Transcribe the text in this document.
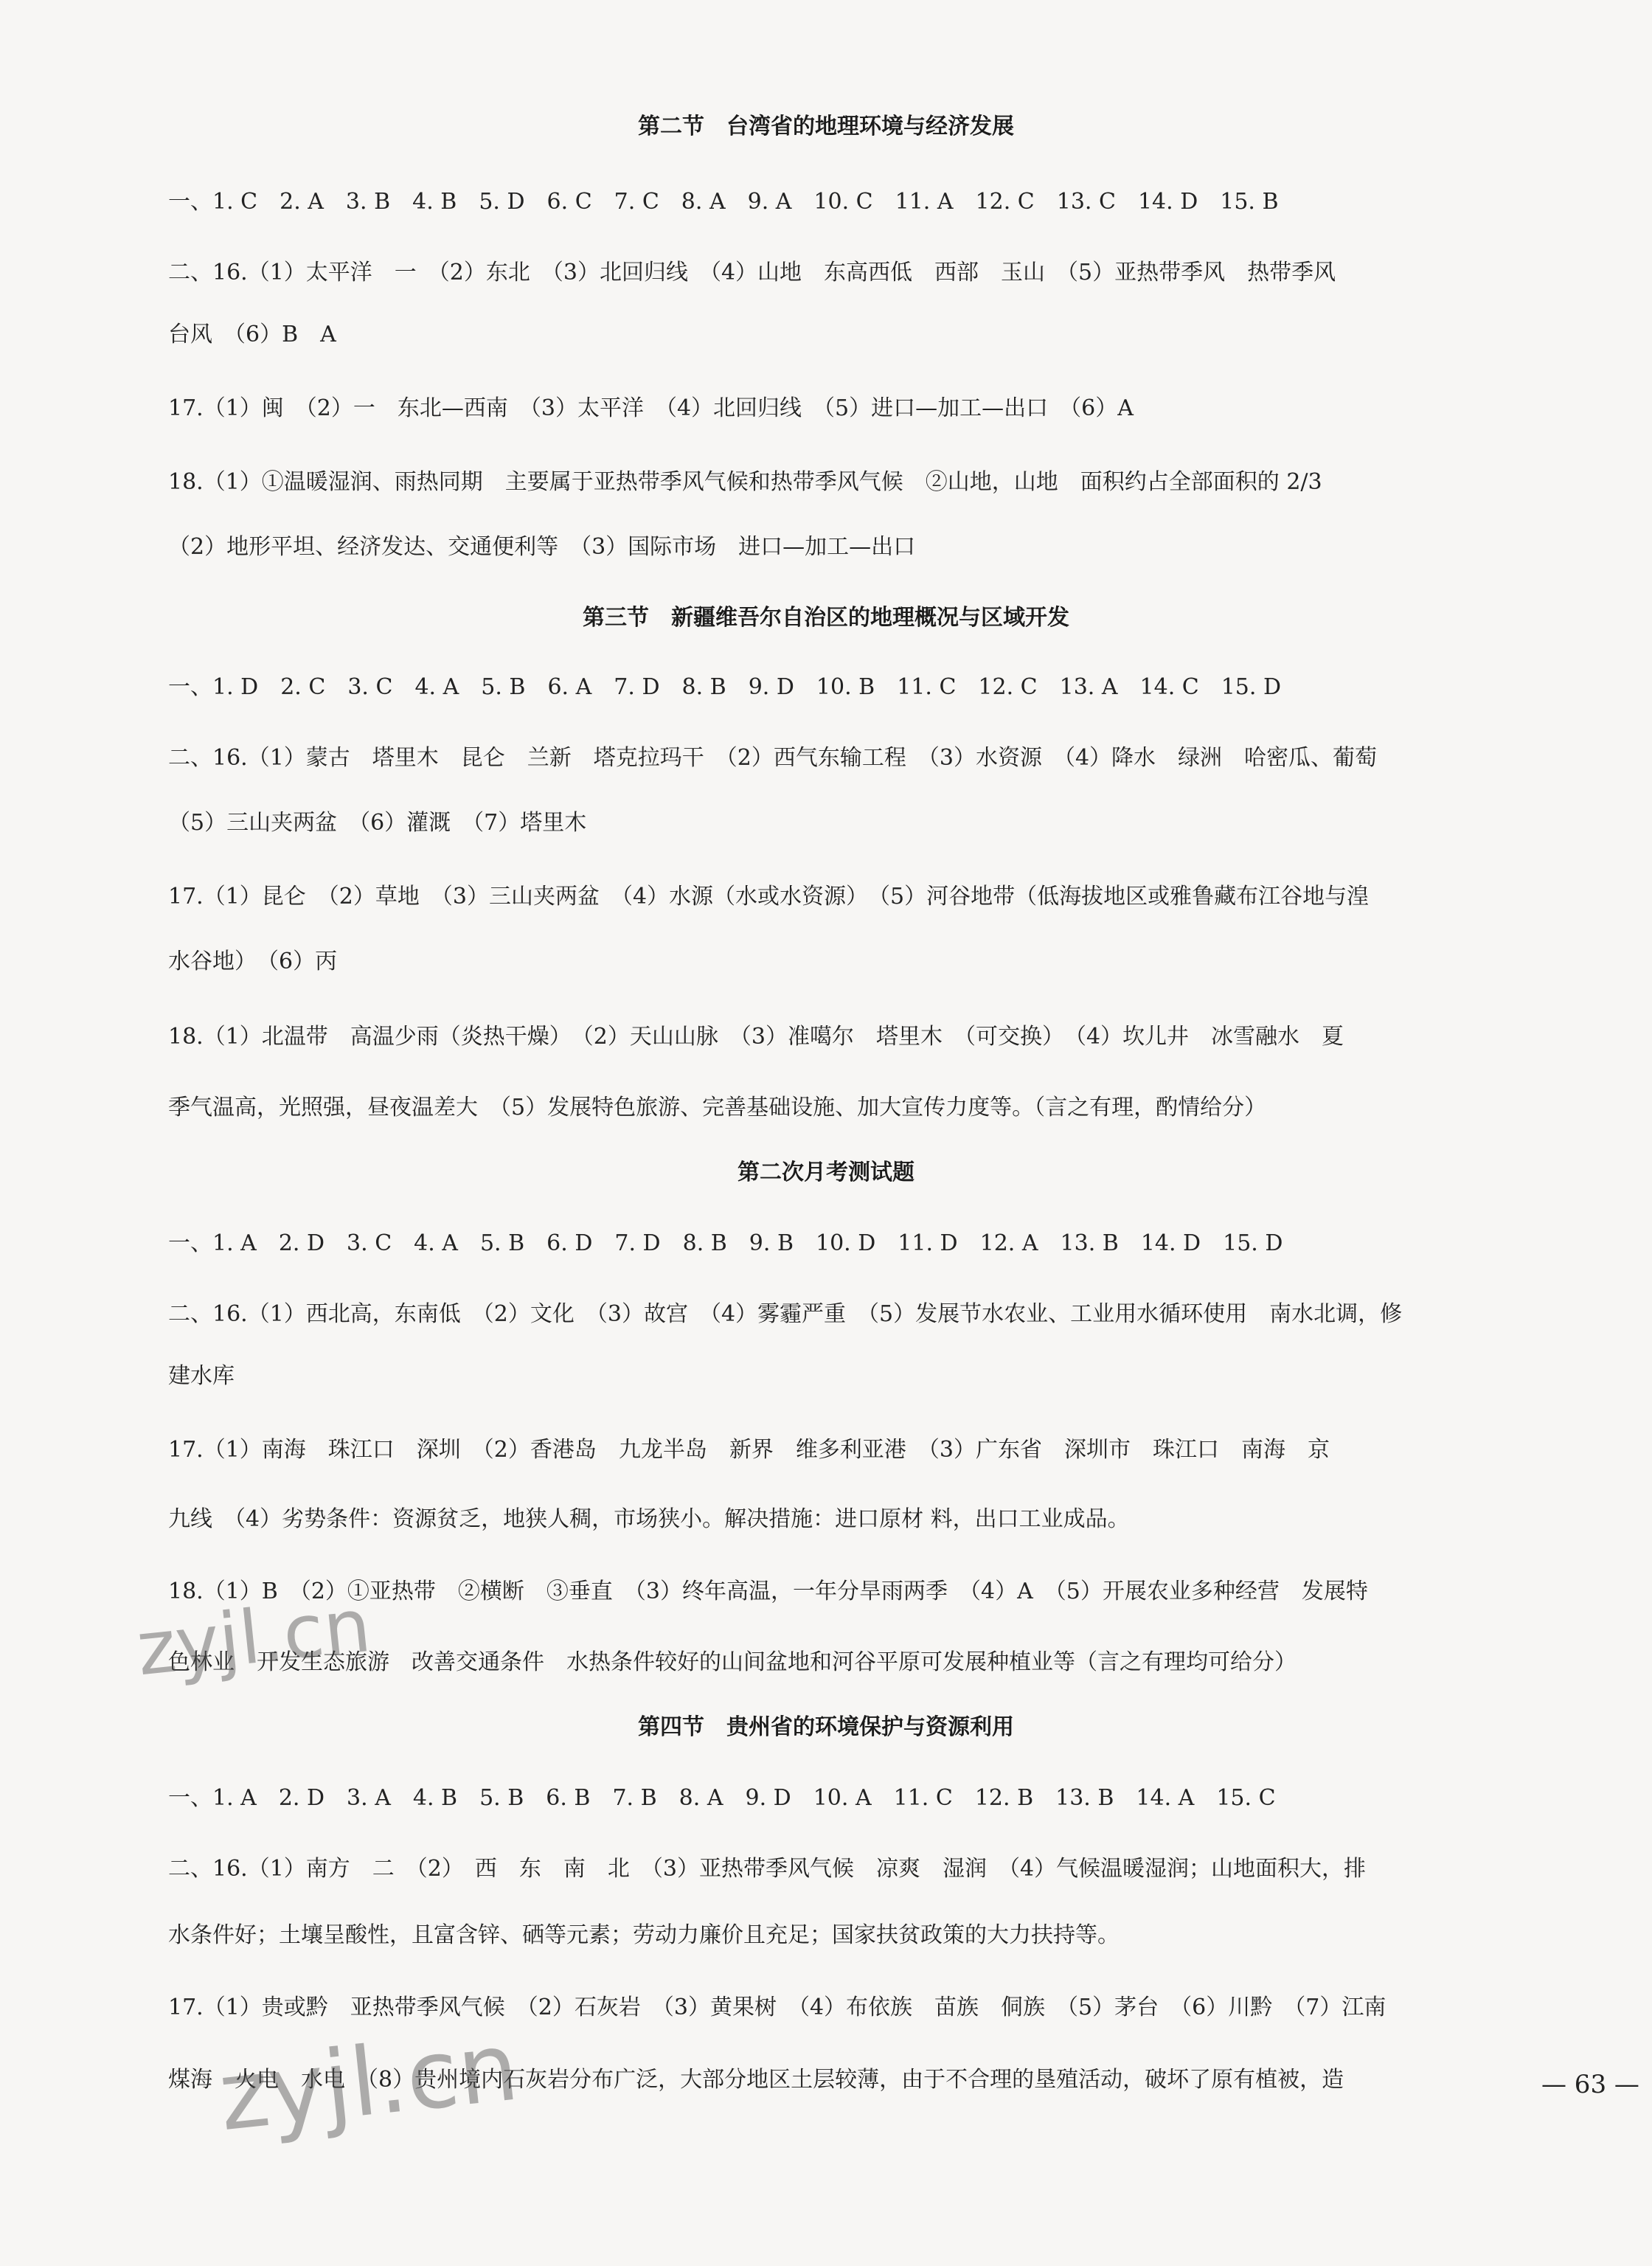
第二节　台湾省的地理环境与经济发展
一、1. C　2. A　3. B　4. B　5. D　6. C　7. C　8. A　9. A　10. C　11. A　12. C　13. C　14. D　15. B
二、16.（1）太平洋　一　（2）东北　（3）北回归线　（4）山地　东高西低　西部　玉山　（5）亚热带季风　热带季风
台风　（6）B　A
17.（1）闽　（2）一　东北—西南　（3）太平洋　（4）北回归线　（5）进口—加工—出口　（6）A
18.（1）①温暖湿润、雨热同期　主要属于亚热带季风气候和热带季风气候　②山地，山地　面积约占全部面积的 2/3
（2）地形平坦、经济发达、交通便利等　（3）国际市场　进口—加工—出口
第三节　新疆维吾尔自治区的地理概况与区域开发
一、1. D　2. C　3. C　4. A　5. B　6. A　7. D　8. B　9. D　10. B　11. C　12. C　13. A　14. C　15. D
二、16.（1）蒙古　塔里木　昆仑　兰新　塔克拉玛干　（2）西气东输工程　（3）水资源　（4）降水　绿洲　哈密瓜、葡萄
（5）三山夹两盆　（6）灌溉　（7）塔里木
17.（1）昆仑　（2）草地　（3）三山夹两盆　（4）水源（水或水资源）　（5）河谷地带（低海拔地区或雅鲁藏布江谷地与湟
水谷地）　（6）丙
18.（1）北温带　高温少雨（炎热干燥）　（2）天山山脉　（3）准噶尔　塔里木　（可交换）　（4）坎儿井　冰雪融水　夏
季气温高，光照强，昼夜温差大　（5）发展特色旅游、完善基础设施、加大宣传力度等。（言之有理，酌情给分）
第二次月考测试题
一、1. A　2. D　3. C　4. A　5. B　6. D　7. D　8. B　9. B　10. D　11. D　12. A　13. B　14. D　15. D
二、16.（1）西北高，东南低　（2）文化　（3）故宫　（4）雾霾严重　（5）发展节水农业、工业用水循环使用　南水北调，修
建水库
17.（1）南海　珠江口　深圳　（2）香港岛　九龙半岛　新界　维多利亚港　（3）广东省　深圳市　珠江口　南海　京
九线　（4）劣势条件：资源贫乏，地狭人稠，市场狭小。解决措施：进口原材 料，出口工业成品。
18.（1）B　（2）①亚热带　②横断　③垂直　（3）终年高温，一年分旱雨两季　（4）A　（5）开展农业多种经营　发展特
色林业　开发生态旅游　改善交通条件　水热条件较好的山间盆地和河谷平原可发展种植业等（言之有理均可给分）
第四节　贵州省的环境保护与资源利用
一、1. A　2. D　3. A　4. B　5. B　6. B　7. B　8. A　9. D　10. A　11. C　12. B　13. B　14. A　15. C
二、16.（1）南方　二　（2）　西　东　南　北　（3）亚热带季风气候　凉爽　湿润　（4）气候温暖湿润；山地面积大，排
水条件好；土壤呈酸性，且富含锌、硒等元素；劳动力廉价且充足；国家扶贫政策的大力扶持等。
17.（1）贵或黔　亚热带季风气候　（2）石灰岩　（3）黄果树　（4）布依族　苗族　侗族　（5）茅台　（6）川黔　（7）江南
煤海　火电　水电　（8）贵州境内石灰岩分布广泛，大部分地区土层较薄，由于不合理的垦殖活动，破坏了原有植被，造	— 63 —
zyjl.cn
zyjl.cn
